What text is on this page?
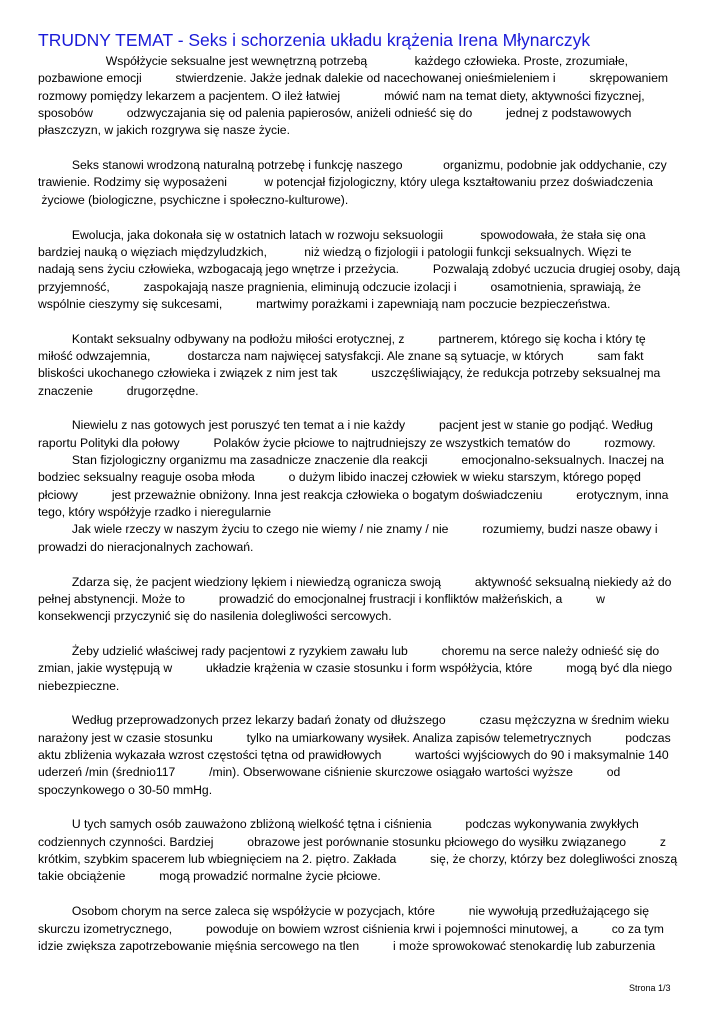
TRUDNY TEMAT - Seks i schorzenia układu krążenia Irena Młynarczyk
Współżycie seksualne jest wewnętrzną potrzebą              każdego człowieka. Proste, zrozumiałe,
pozbawione emocji          stwierdzenie. Jakże jednak dalekie od nacechowanej onieśmieleniem i          skrępowaniem
rozmowy pomiędzy lekarzem a pacjentem. O ileż łatwiej             mówić nam na temat diety, aktywności fizycznej,
sposobów          odzwyczajania się od palenia papierosów, aniżeli odnieść się do          jednej z podstawowych
płaszczyzn, w jakich rozgrywa się nasze życie.
Seks stanowi wrodzoną naturalną potrzebę i funkcję naszego            organizmu, podobnie jak oddychanie, czy
trawienie. Rodzimy się wyposażeni           w potencjał fizjologiczny, który ulega kształtowaniu przez doświadczenia
życiowe (biologiczne, psychiczne i społeczno-kulturowe).
Ewolucja, jaka dokonała się w ostatnich latach w rozwoju seksuologii           spowodowała, że stała się ona
bardziej nauką o więziach międzyludzkich,           niż wiedzą o fizjologii i patologii funkcji seksualnych. Więzi te
nadają sens życiu człowieka, wzbogacają jego wnętrze i przeżycia.          Pozwalają zdobyć uczucia drugiej osoby, dają
przyjemność,          zaspokajają nasze pragnienia, eliminują odczucie izolacji i          osamotnienia, sprawiają, że
wspólnie cieszymy się sukcesami,          martwimy porażkami i zapewniają nam poczucie bezpieczeństwa.
Kontakt seksualny odbywany na podłożu miłości erotycznej, z          partnerem, którego się kocha i który tę
miłość odwzajemnia,           dostarcza nam najwięcej satysfakcji. Ale znane są sytuacje, w których          sam fakt
bliskości ukochanego człowieka i związek z nim jest tak          uszczęśliwiający, że redukcja potrzeby seksualnej ma
znaczenie          drugorzędne.
Niewielu z nas gotowych jest poruszyć ten temat a i nie każdy          pacjent jest w stanie go podjąć. Według
raportu Polityki dla połowy          Polaków życie płciowe to najtrudniejszy ze wszystkich tematów do          rozmowy.
Stan fizjologiczny organizmu ma zasadnicze znaczenie dla reakcji          emocjonalno-seksualnych. Inaczej na
bodziec seksualny reaguje osoba młoda          o dużym libido inaczej człowiek w wieku starszym, którego popęd
płciowy          jest przeważnie obniżony. Inna jest reakcja człowieka o bogatym doświadczeniu          erotycznym, inna
tego, który współżyje rzadko i nieregularnie
Jak wiele rzeczy w naszym życiu to czego nie wiemy / nie znamy / nie          rozumiemy, budzi nasze obawy i
prowadzi do nieracjonalnych zachowań.
Zdarza się, że pacjent wiedziony lękiem i niewiedzą ogranicza swoją          aktywność seksualną niekiedy aż do
pełnej abstynencji. Może to          prowadzić do emocjonalnej frustracji i konfliktów małżeńskich, a          w
konsekwencji przyczynić się do nasilenia dolegliwości sercowych.
Żeby udzielić właściwej rady pacjentowi z ryzykiem zawału lub          choremu na serce należy odnieść się do
zmian, jakie występują w          układzie krążenia w czasie stosunku i form współżycia, które          mogą być dla niego
niebezpieczne.
Według przeprowadzonych przez lekarzy badań żonaty od dłuższego          czasu mężczyzna w średnim wieku
narażony jest w czasie stosunku          tylko na umiarkowany wysiłek. Analiza zapisów telemetrycznych          podczas
aktu zbliżenia wykazała wzrost częstości tętna od prawidłowych          wartości wyjściowych do 90 i maksymalnie 140
uderzeń /min (średnio117          /min). Obserwowane ciśnienie skurczowe osiągało wartości wyższe          od
spoczynkowego o 30-50 mmHg.
U tych samych osób zauważono zbliżoną wielkość tętna i ciśnienia          podczas wykonywania zwykłych
codziennych czynności. Bardziej          obrazowe jest porównanie stosunku płciowego do wysiłku związanego          z
krótkim, szybkim spacerem lub wbiegnięciem na 2. piętro. Zakłada          się, że chorzy, którzy bez dolegliwości znoszą
takie obciążenie          mogą prowadzić normalne życie płciowe.
Osobom chorym na serce zaleca się współżycie w pozycjach, które          nie wywołują przedłużającego się
skurczu izometrycznego,          powoduje on bowiem wzrost ciśnienia krwi i pojemności minutowej, a          co za tym
idzie zwiększa zapotrzebowanie mięśnia sercowego na tlen          i może sprowokować stenokardię lub zaburzenia
Strona 1/3
